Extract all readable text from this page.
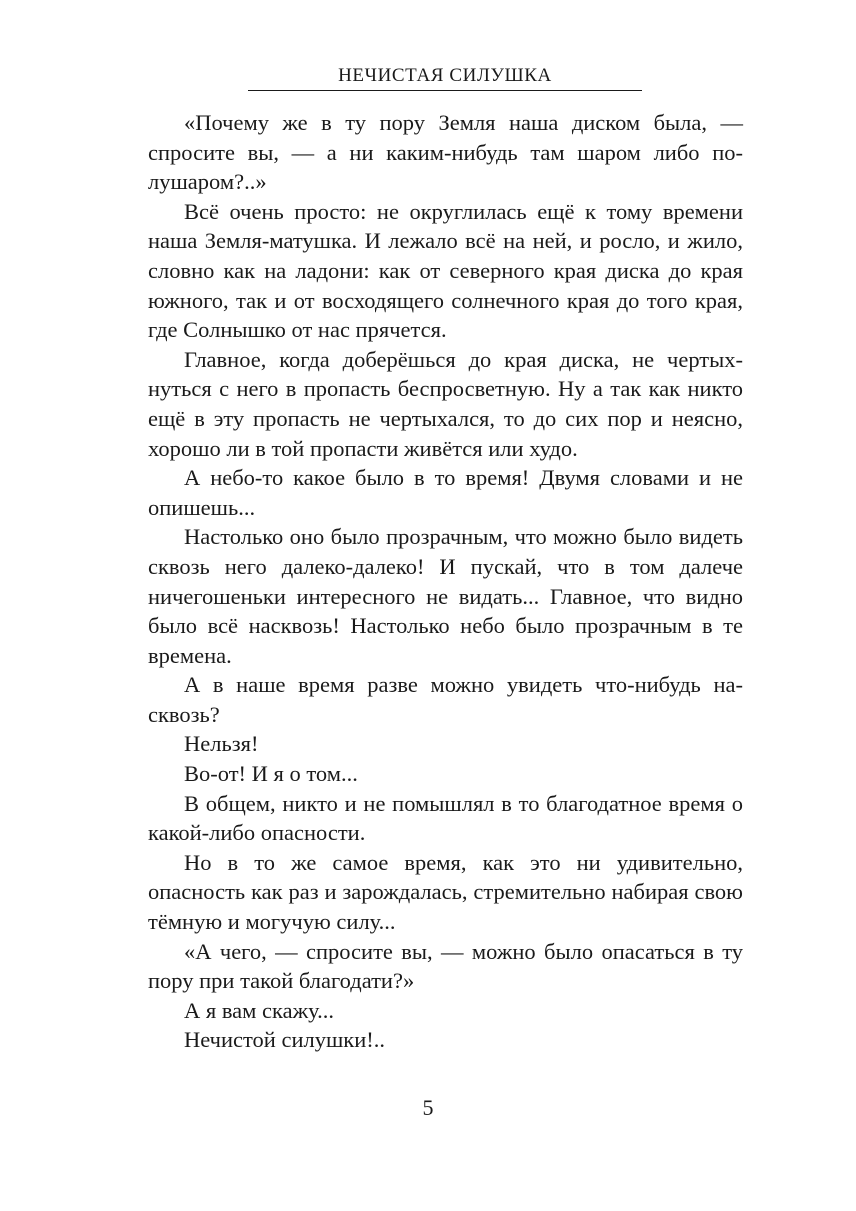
НЕЧИСТАЯ СИЛУШКА

«Почему же в ту пору Земля наша диском была, — спросите вы, — а ни каким-нибудь там шаром либо полушаром?..»

Всё очень просто: не округлилась ещё к тому времени наша Земля-матушка. И лежало всё на ней, и росло, и жило, словно как на ладони: как от северного края диска до края южного, так и от восходящего солнечного края до того края, где Солнышко от нас прячется.

Главное, когда доберёшься до края диска, не чертыхнуться с него в пропасть беспросветную. Ну а так как никто ещё в эту пропасть не чертыхался, то до сих пор и неясно, хорошо ли в той пропасти живётся или худо.

А небо-то какое было в то время! Двумя словами и не опишешь...

Настолько оно было прозрачным, что можно было видеть сквозь него далеко-далеко! И пускай, что в том далече ничегошеньки интересного не видать... Главное, что видно было всё насквозь! Настолько небо было прозрачным в те времена.

А в наше время разве можно увидеть что-нибудь насквозь?

Нельзя!

Во-от! И я о том...

В общем, никто и не помышлял в то благодатное время о какой-либо опасности.

Но в то же самое время, как это ни удивительно, опасность как раз и зарождалась, стремительно набирая свою тёмную и могучую силу...

«А чего, — спросите вы, — можно было опасаться в ту пору при такой благодати?»

А я вам скажу...

Нечистой силушки!..

5
